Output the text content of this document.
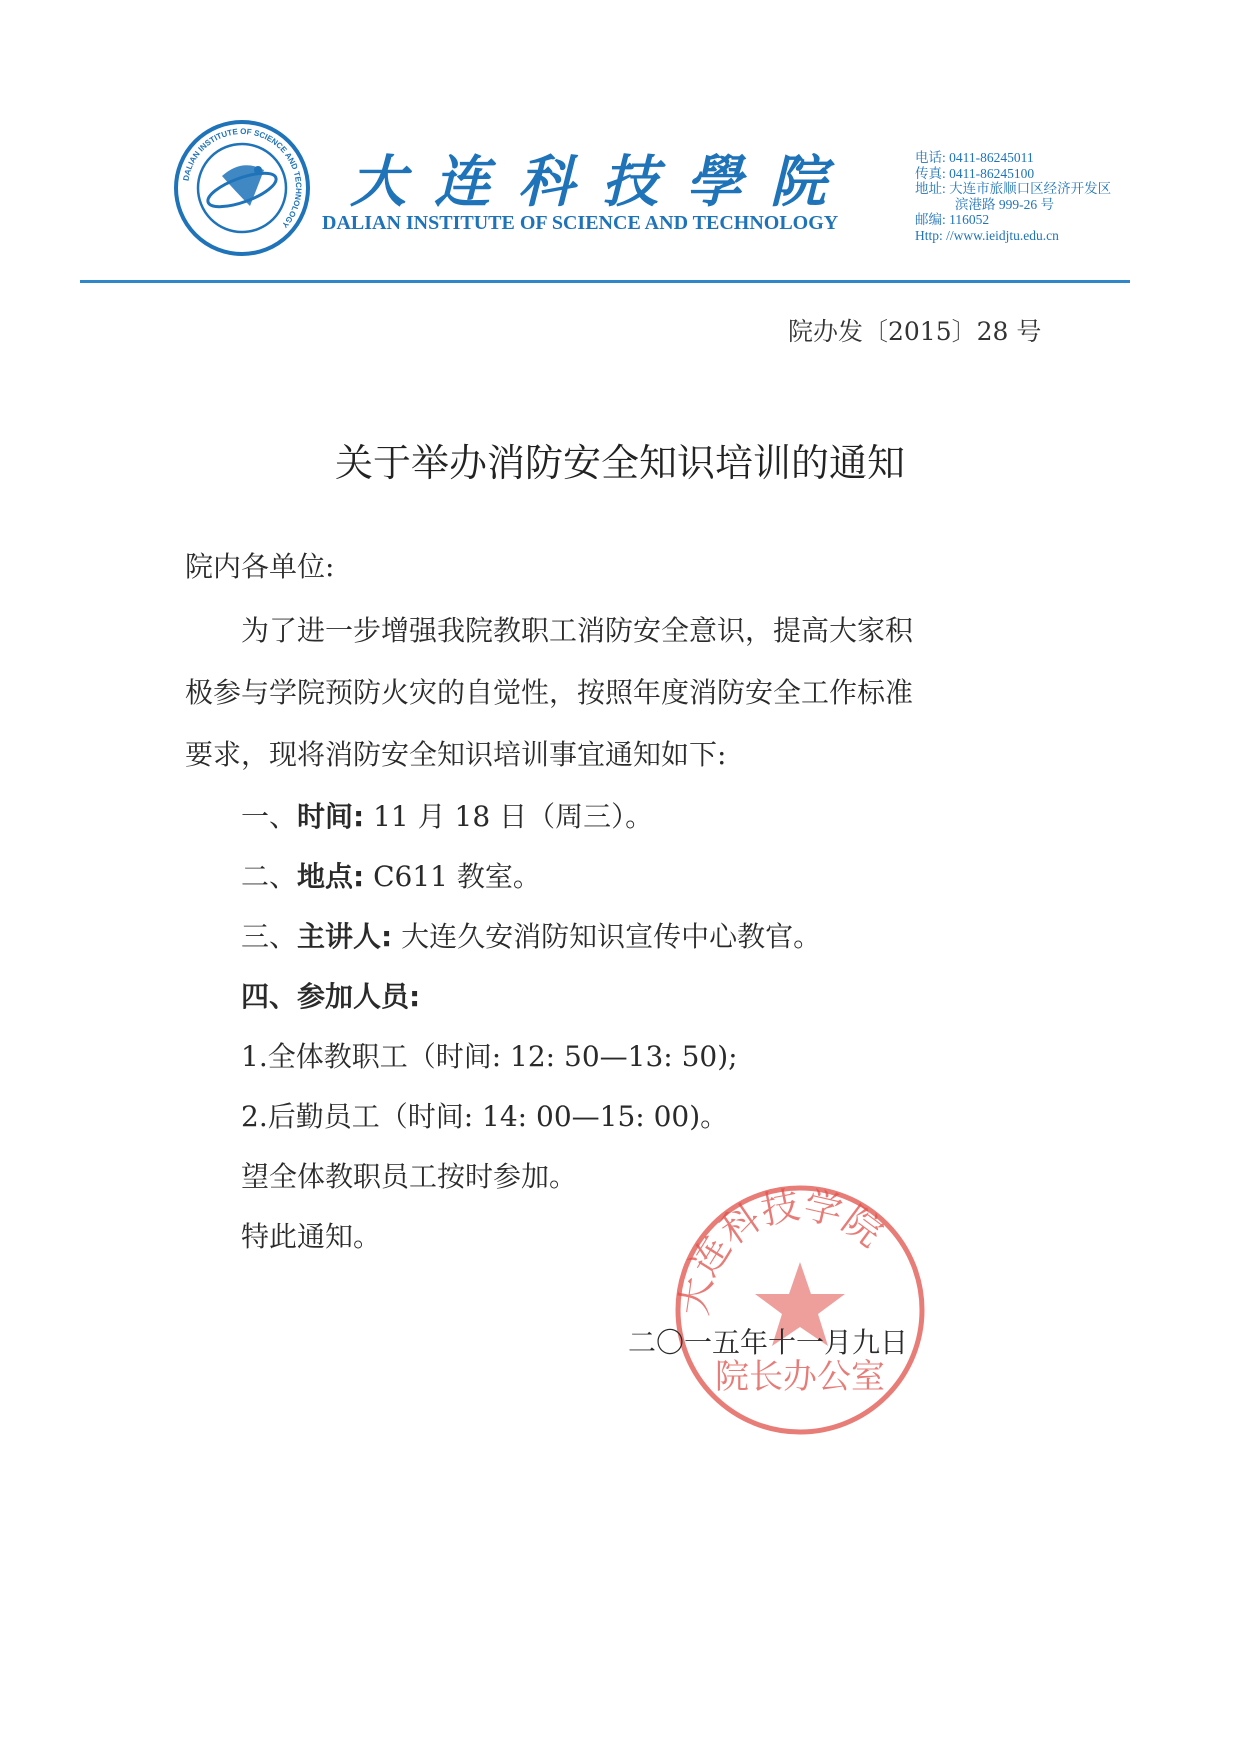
DALIAN INSTITUTE OF SCIENCE AND TECHNOLOGY
大连科技學院
DALIAN INSTITUTE OF SCIENCE AND TECHNOLOGY
电话: 0411-86245011
传真: 0411-86245100
地址: 大连市旅顺口区经济开发区
滨港路 999-26 号
邮编: 116052
Http: //www.ieidjtu.edu.cn
院办发〔2015〕28 号
关于举办消防安全知识培训的通知
院内各单位:
为了进一步增强我院教职工消防安全意识，提高大家积
极参与学院预防火灾的自觉性，按照年度消防安全工作标准
要求，现将消防安全知识培训事宜通知如下:
一、时间: 11 月 18 日（周三）。
二、地点: C611 教室。
三、主讲人: 大连久安消防知识宣传中心教官。
四、参加人员:
1.全体教职工（时间: 12: 50—13: 50);
2.后勤员工（时间: 14: 00—15: 00)。
望全体教职员工按时参加。
特此通知。
大连科技学院
院长办公室
二〇一五年十一月九日
